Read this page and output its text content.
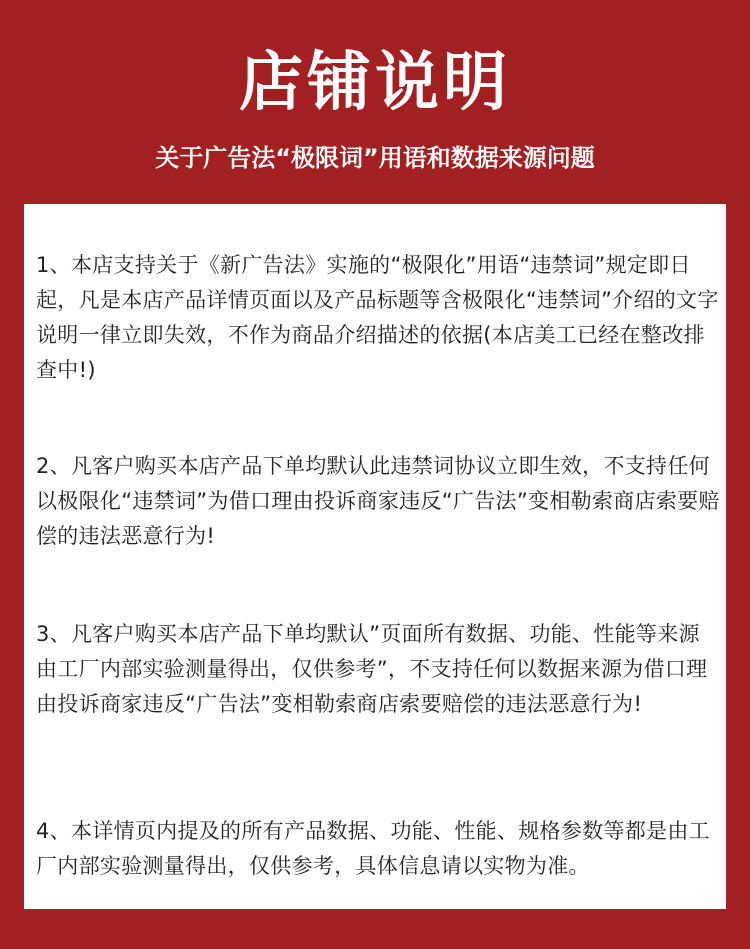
店铺说明
关于广告法“极限词”用语和数据来源问题
1、本店支持关于《新广告法》实施的“极限化”用语“违禁词”规定即日起，凡是本店产品详情页面以及产品标题等含极限化“违禁词”介绍的文字说明一律立即失效，不作为商品介绍描述的依据(本店美工已经在整改排查中!)
2、凡客户购买本店产品下单均默认此违禁词协议立即生效，不支持任何以极限化“违禁词”为借口理由投诉商家违反“广告法”变相勒索商店索要赔偿的违法恶意行为!
3、凡客户购买本店产品下单均默认”页面所有数据、功能、性能等来源由工厂内部实验测量得出，仅供参考”，不支持任何以数据来源为借口理由投诉商家违反“广告法”变相勒索商店索要赔偿的违法恶意行为!
4、本详情页内提及的所有产品数据、功能、性能、规格参数等都是由工厂内部实验测量得出，仅供参考，具体信息请以实物为准。
